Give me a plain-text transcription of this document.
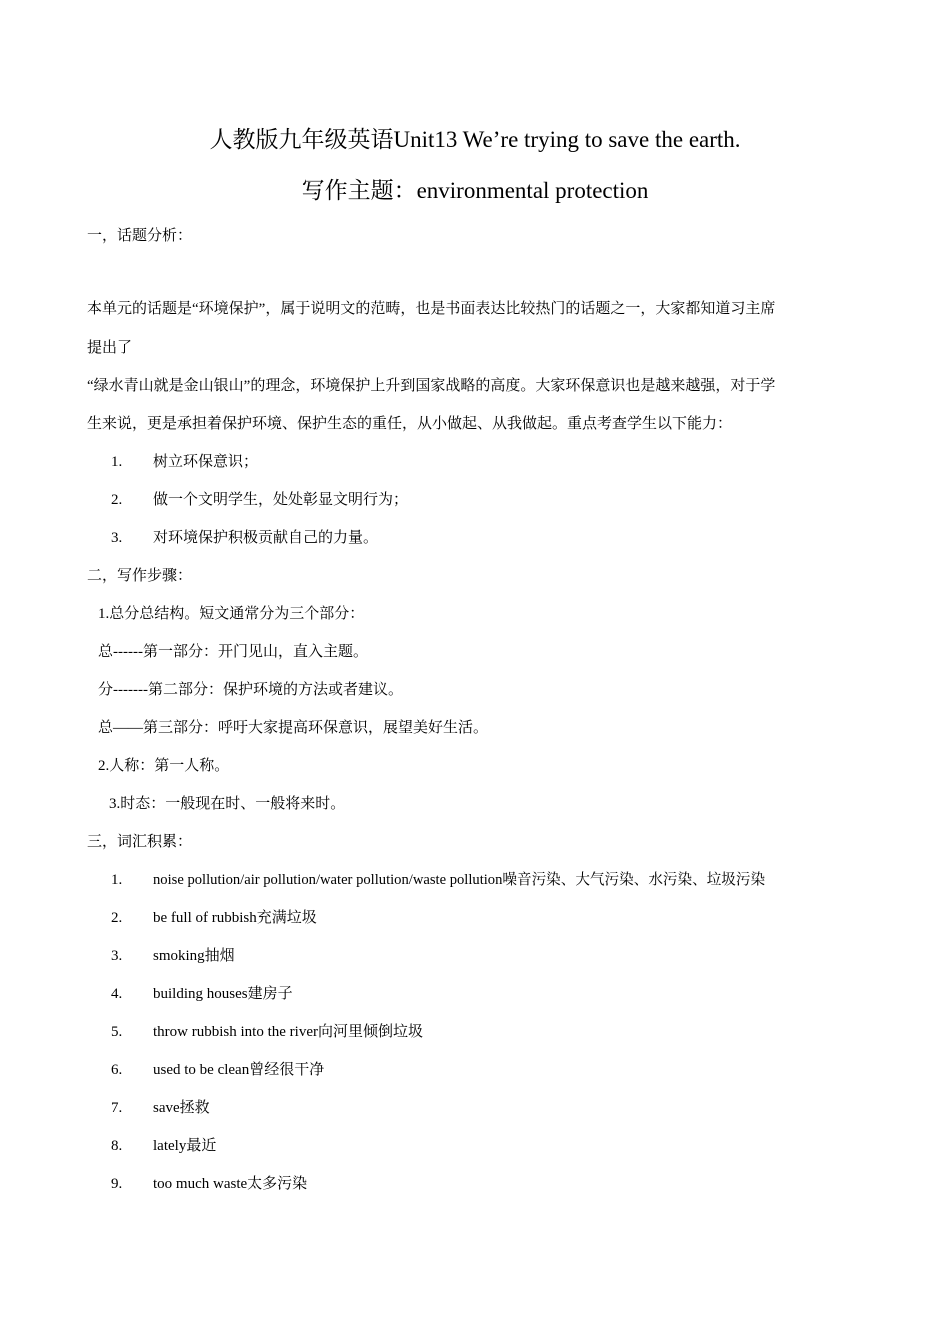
人教版九年级英语Unit13 We’re trying to save the earth.
写作主题：environmental protection
一，话题分析：
本单元的话题是“环境保护”，属于说明文的范畴，也是书面表达比较热门的话题之一，大家都知道习主席
提出了
“绿水青山就是金山银山”的理念，环境保护上升到国家战略的高度。大家环保意识也是越来越强，对于学
生来说，更是承担着保护环境、保护生态的重任，从小做起、从我做起。重点考查学生以下能力：
1. 树立环保意识；
2. 做一个文明学生，处处彰显文明行为；
3. 对环境保护积极贡献自己的力量。
二，写作步骤：
1.总分总结构。短文通常分为三个部分：
总------第一部分：开门见山，直入主题。
分-------第二部分：保护环境的方法或者建议。
总——第三部分：呼吁大家提高环保意识，展望美好生活。
2.人称：第一人称。
3.时态：一般现在时、一般将来时。
三，词汇积累：
1. noise pollution/air pollution/water pollution/waste pollution噪音污染、大气污染、水污染、垃圾污染
2. be full of rubbish充满垃圾
3. smoking抽烟
4. building houses建房子
5. throw rubbish into the river向河里倾倒垃圾
6. used to be clean曾经很干净
7. save拯救
8. lately最近
9. too much waste太多污染
